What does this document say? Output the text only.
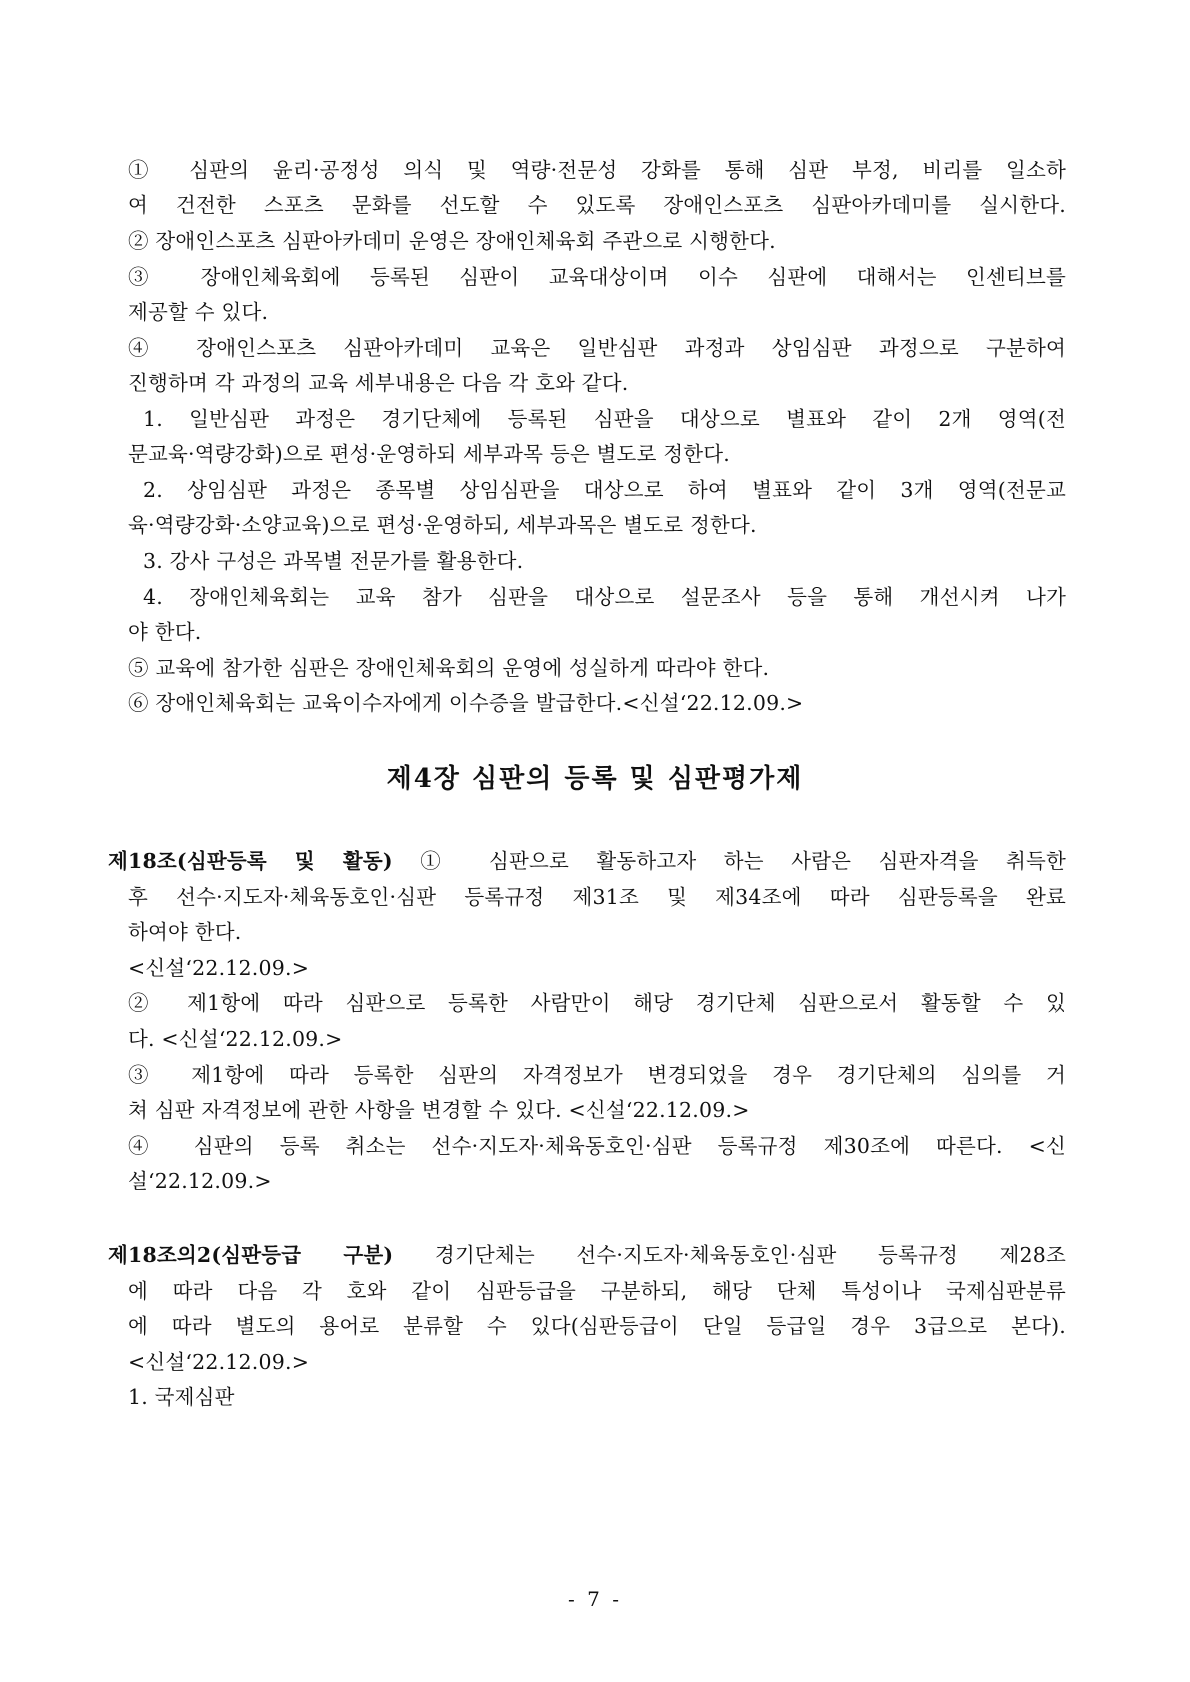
① 심판의 윤리·공정성 의식 및 역량·전문성 강화를 통해 심판 부정, 비리를 일소하
여 건전한 스포츠 문화를 선도할 수 있도록 장애인스포츠 심판아카데미를 실시한다.
② 장애인스포츠 심판아카데미 운영은 장애인체육회 주관으로 시행한다.
③ 장애인체육회에 등록된 심판이 교육대상이며 이수 심판에 대해서는 인센티브를
제공할 수 있다.
④ 장애인스포츠 심판아카데미 교육은 일반심판 과정과 상임심판 과정으로 구분하여
진행하며 각 과정의 교육 세부내용은 다음 각 호와 같다.
1. 일반심판 과정은 경기단체에 등록된 심판을 대상으로 별표와 같이 2개 영역(전
문교육·역량강화)으로 편성·운영하되 세부과목 등은 별도로 정한다.
2. 상임심판 과정은 종목별 상임심판을 대상으로 하여 별표와 같이 3개 영역(전문교
육·역량강화·소양교육)으로 편성·운영하되, 세부과목은 별도로 정한다.
3. 강사 구성은 과목별 전문가를 활용한다.
4. 장애인체육회는 교육 참가 심판을 대상으로 설문조사 등을 통해 개선시켜 나가
야 한다.
⑤ 교육에 참가한 심판은 장애인체육회의 운영에 성실하게 따라야 한다.
⑥ 장애인체육회는 교육이수자에게 이수증을 발급한다.<신설‘22.12.09.>
제4장 심판의 등록 및 심판평가제
제18조(심판등록 및 활동) ① 심판으로 활동하고자 하는 사람은 심판자격을 취득한
후 선수·지도자·체육동호인·심판 등록규정 제31조 및 제34조에 따라 심판등록을 완료
하여야 한다.
<신설‘22.12.09.>
② 제1항에 따라 심판으로 등록한 사람만이 해당 경기단체 심판으로서 활동할 수 있
다. <신설‘22.12.09.>
③ 제1항에 따라 등록한 심판의 자격정보가 변경되었을 경우 경기단체의 심의를 거
쳐 심판 자격정보에 관한 사항을 변경할 수 있다. <신설‘22.12.09.>
④ 심판의 등록 취소는 선수·지도자·체육동호인·심판 등록규정 제30조에 따른다. <신
설‘22.12.09.>
제18조의2(심판등급 구분) 경기단체는 선수·지도자·체육동호인·심판 등록규정 제28조
에 따라 다음 각 호와 같이 심판등급을 구분하되, 해당 단체 특성이나 국제심판분류
에 따라 별도의 용어로 분류할 수 있다(심판등급이 단일 등급일 경우 3급으로 본다).
<신설‘22.12.09.>
1. 국제심판
- 7 -
